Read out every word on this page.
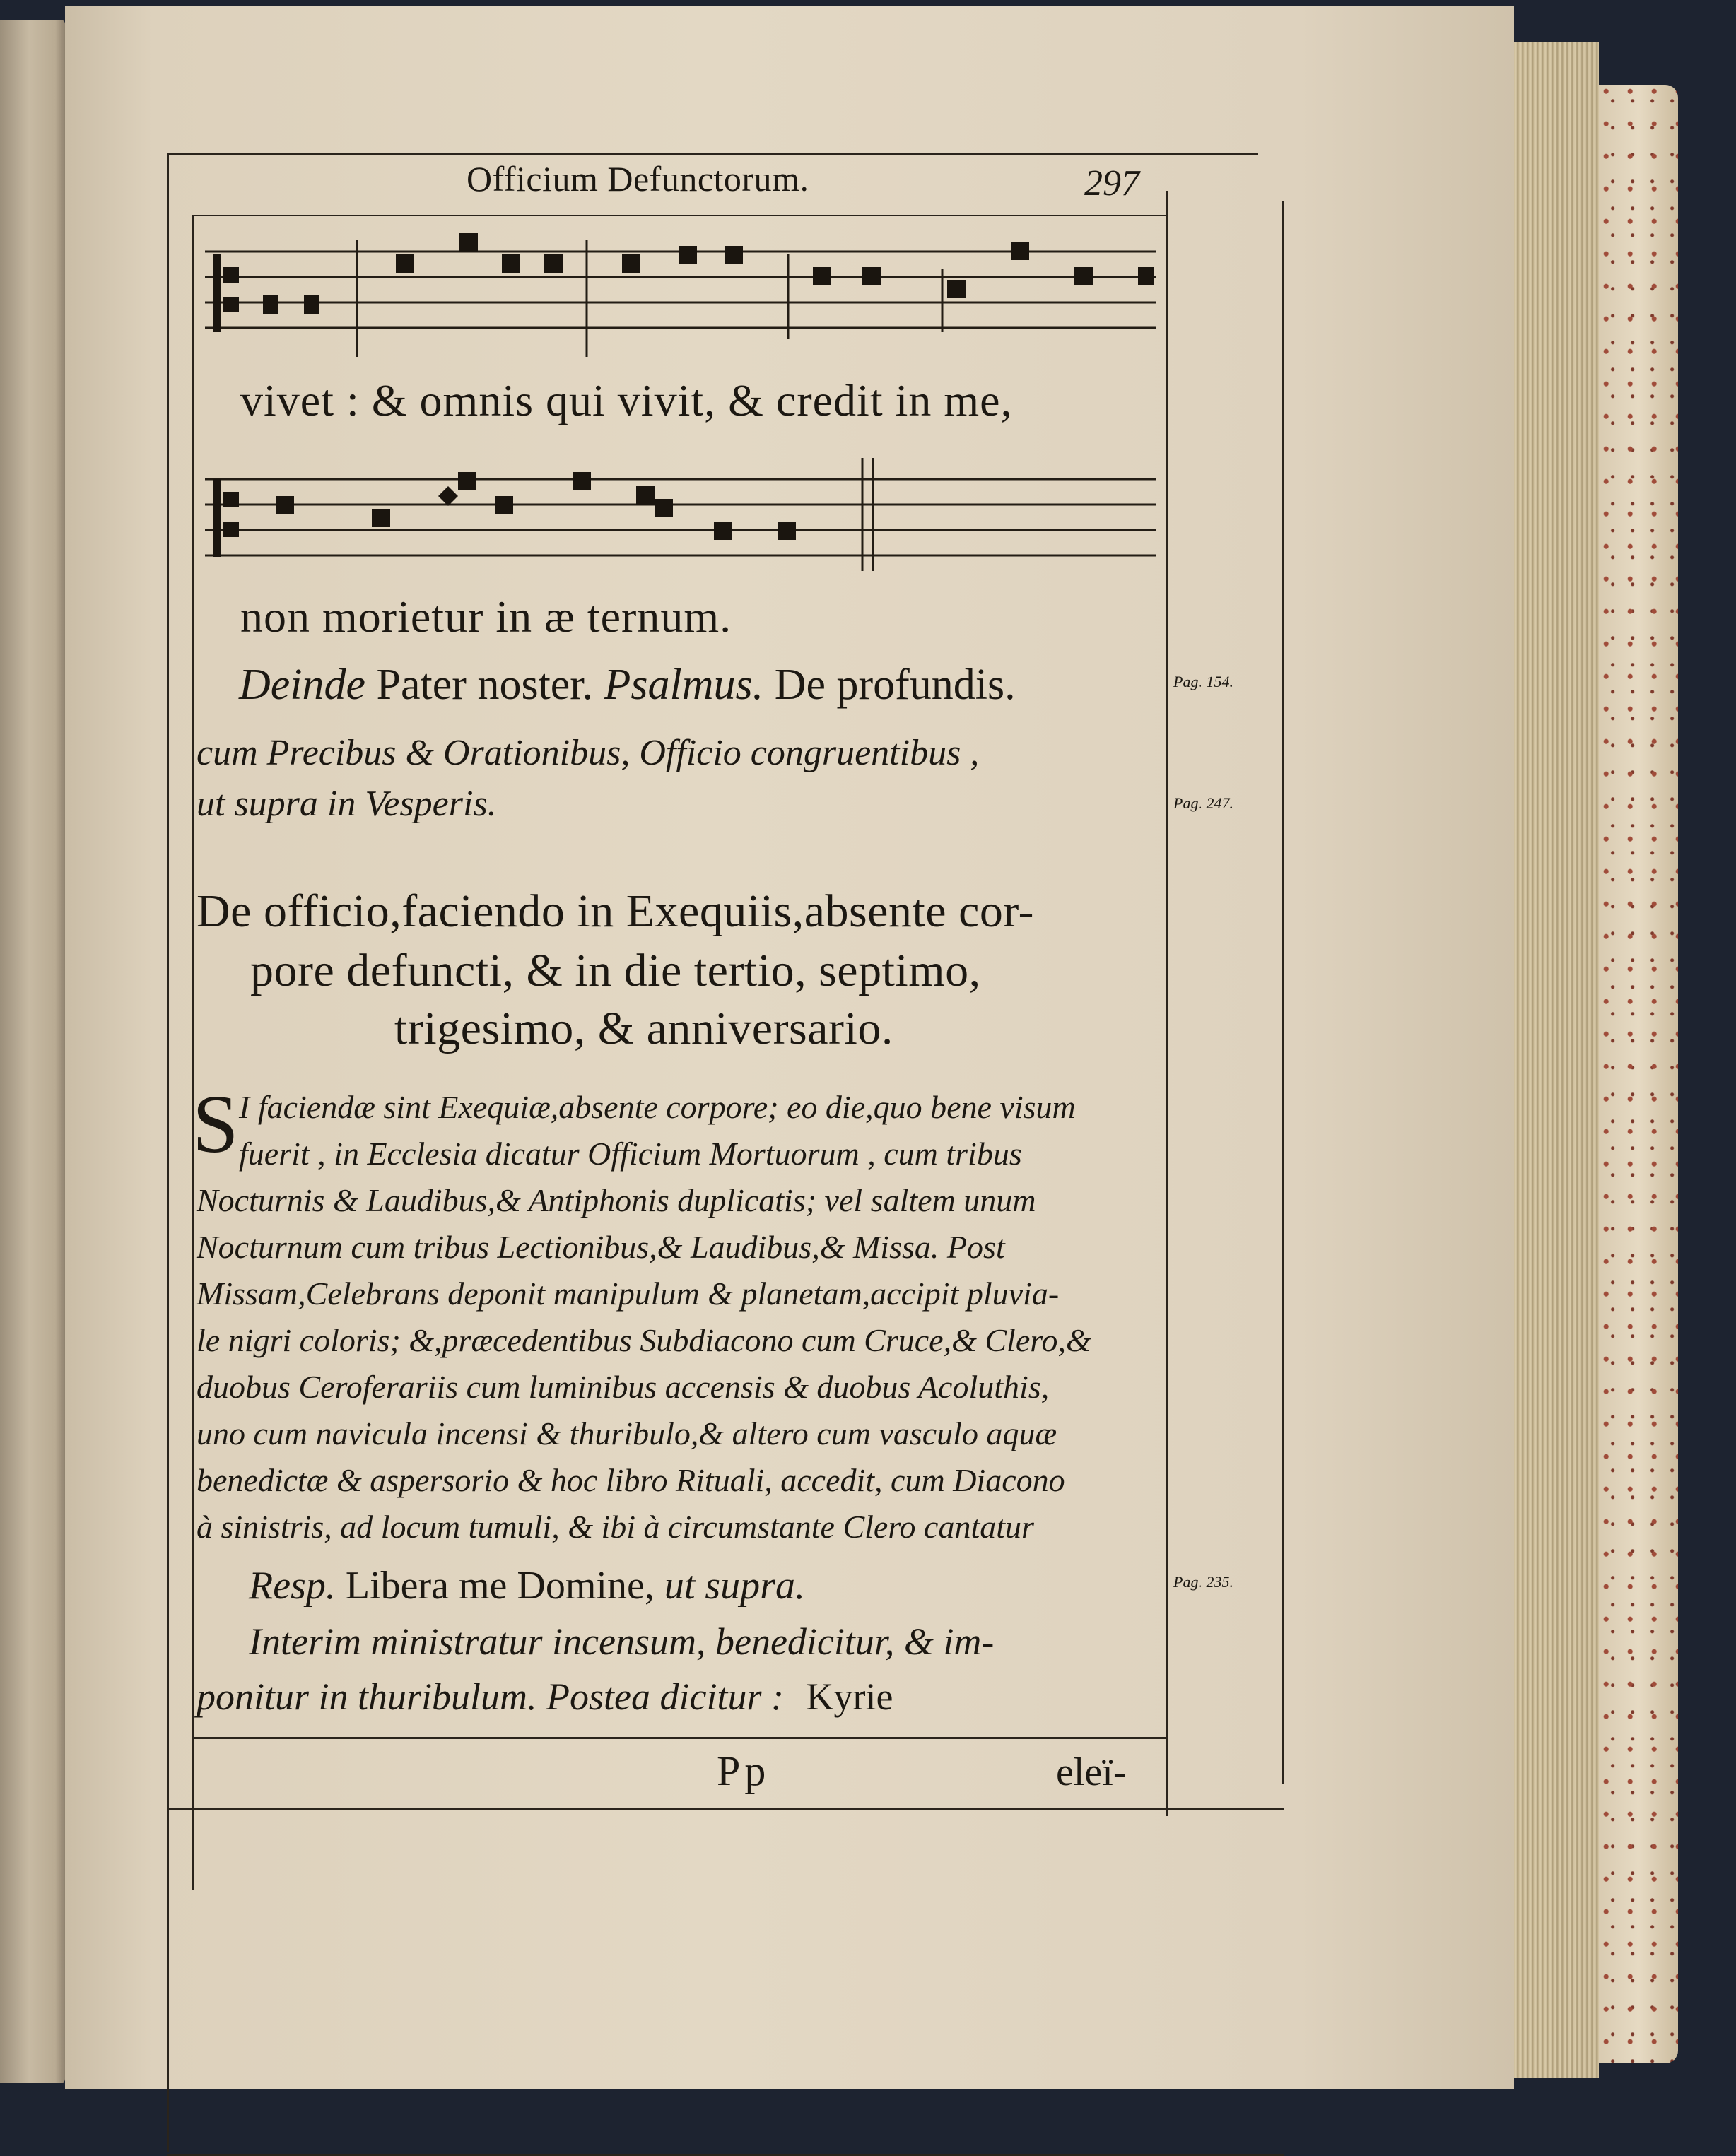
Officium Defunctorum.	297
vivet : & omnis qui vivit, & credit in me,
non morietur in æ ternum.
Deinde Pater noster. Psalmus. De profundis.
cum Precibus & Orationibus, Officio congruentibus ,
ut supra in Vesperis.
De officio,faciendo in Exequiis,absente cor-
pore defuncti, & in die tertio, septimo,
trigesimo, & anniversario.
S I faciendæ sint Exequiæ,absente corpore; eo die,quo bene visum
fuerit , in Ecclesia dicatur Officium Mortuorum , cum tribus
Nocturnis & Laudibus,& Antiphonis duplicatis; vel saltem unum
Nocturnum cum tribus Lectionibus,& Laudibus,& Missa. Post
Missam,Celebrans deponit manipulum & planetam,accipit pluvia-
le nigri coloris; &,præcedentibus Subdiacono cum Cruce,& Clero,&
duobus Ceroferariis cum luminibus accensis & duobus Acoluthis,
uno cum navicula incensi & thuribulo,& altero cum vasculo aquæ
benedictæ & aspersorio & hoc libro Rituali, accedit, cum Diacono
à sinistris, ad locum tumuli, & ibi à circumstante Clero cantatur
Resp. Libera me Domine, ut supra.
Interim ministratur incensum, benedicitur, & im-
ponitur in thuribulum. Postea dicitur : Kyrie
Pag. 154.
Pag. 247.
Pag. 235.
Pp	eleï-
